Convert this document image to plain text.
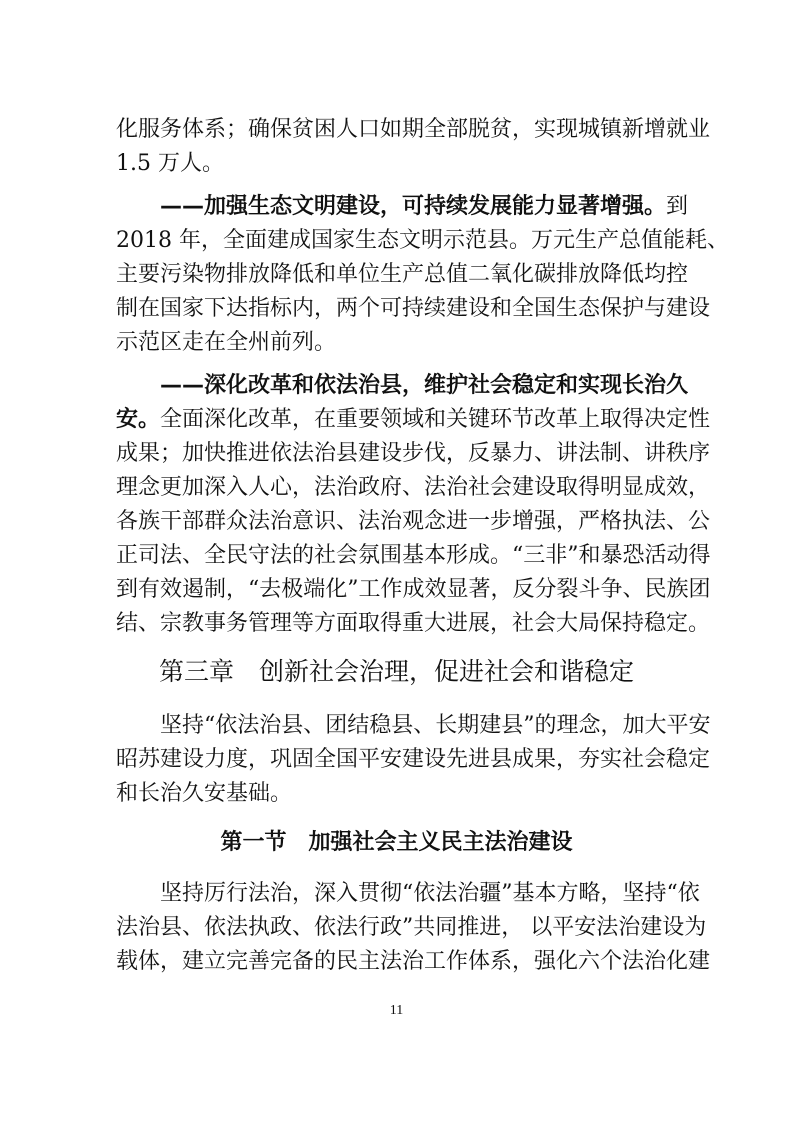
化服务体系；确保贫困人口如期全部脱贫，实现城镇新增就业
1.5 万人。
——加强生态文明建设，可持续发展能力显著增强。到
2018 年，全面建成国家生态文明示范县。万元生产总值能耗、
主要污染物排放降低和单位生产总值二氧化碳排放降低均控
制在国家下达指标内，两个可持续建设和全国生态保护与建设
示范区走在全州前列。
——深化改革和依法治县，维护社会稳定和实现长治久
安。全面深化改革，在重要领域和关键环节改革上取得决定性
成果；加快推进依法治县建设步伐，反暴力、讲法制、讲秩序
理念更加深入人心，法治政府、法治社会建设取得明显成效，
各族干部群众法治意识、法治观念进一步增强，严格执法、公
正司法、全民守法的社会氛围基本形成。“三非”和暴恐活动得
到有效遏制，“去极端化”工作成效显著，反分裂斗争、民族团
结、宗教事务管理等方面取得重大进展，社会大局保持稳定。
第三章　创新社会治理，促进社会和谐稳定
坚持“依法治县、团结稳县、长期建县”的理念，加大平安
昭苏建设力度，巩固全国平安建设先进县成果，夯实社会稳定
和长治久安基础。
第一节　加强社会主义民主法治建设
坚持厉行法治，深入贯彻“依法治疆”基本方略，坚持“依
法治县、依法执政、依法行政”共同推进， 以平安法治建设为
载体，建立完善完备的民主法治工作体系，强化六个法治化建
11
